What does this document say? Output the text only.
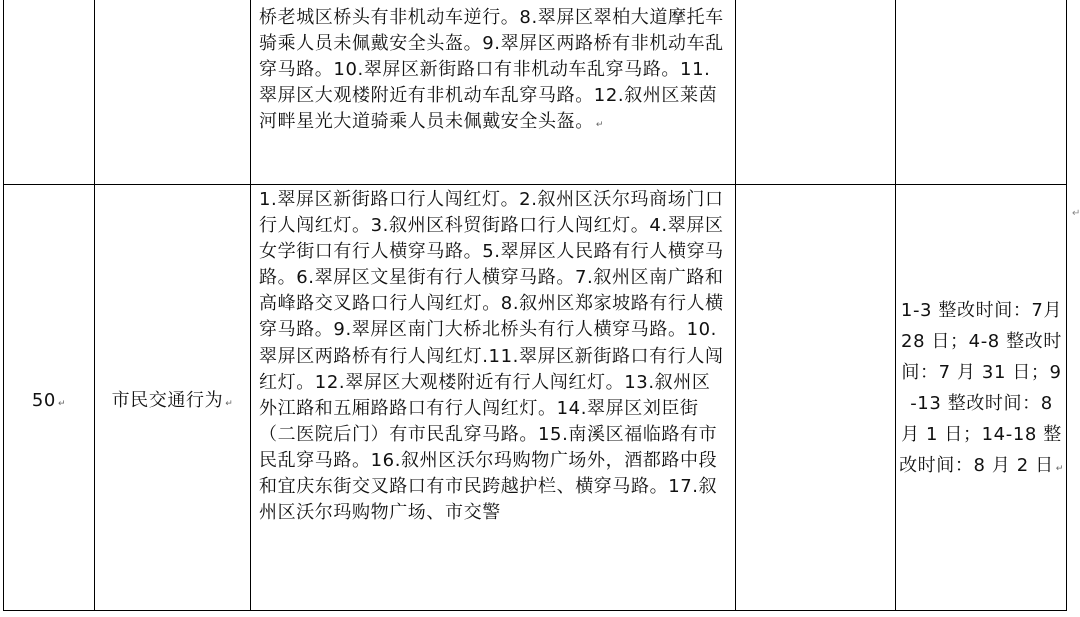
桥老城区桥头有非机动车逆行。8.翠屏区翠柏大道摩托车骑乘人员未佩戴安全头盔。9.翠屏区两路桥有非机动车乱穿马路。10.翠屏区新街路口有非机动车乱穿马路。11.翠屏区大观楼附近有非机动车乱穿马路。12.叙州区莱茵河畔星光大道骑乘人员未佩戴安全头盔。 ↵
50 ↵	市民交通行为 ↵
1.翠屏区新街路口行人闯红灯。2.叙州区沃尔玛商场门口行人闯红灯。3.叙州区科贸街路口行人闯红灯。4.翠屏区女学街口有行人横穿马路。5.翠屏区人民路有行人横穿马路。6.翠屏区文星街有行人横穿马路。7.叙州区南广路和高峰路交叉路口行人闯红灯。8.叙州区郑家坡路有行人横穿马路。9.翠屏区南门大桥北桥头有行人横穿马路。10.翠屏区两路桥有行人闯红灯.11.翠屏区新街路口有行人闯红灯。12.翠屏区大观楼附近有行人闯红灯。13.叙州区外江路和五厢路路口有行人闯红灯。14.翠屏区刘臣街（二医院后门）有市民乱穿马路。15.南溪区福临路有市民乱穿马路。16.叙州区沃尔玛购物广场外，酒都路中段和宜庆东街交叉路口有市民跨越护栏、横穿马路。17.叙州区沃尔玛购物广场、市交警
1-3 整改时间：7月 28 日；4-8 整改时间：7 月 31 日；9-13 整改时间：8 月 1 日；14-18 整改时间：8 月 2 日 ↵
↵
